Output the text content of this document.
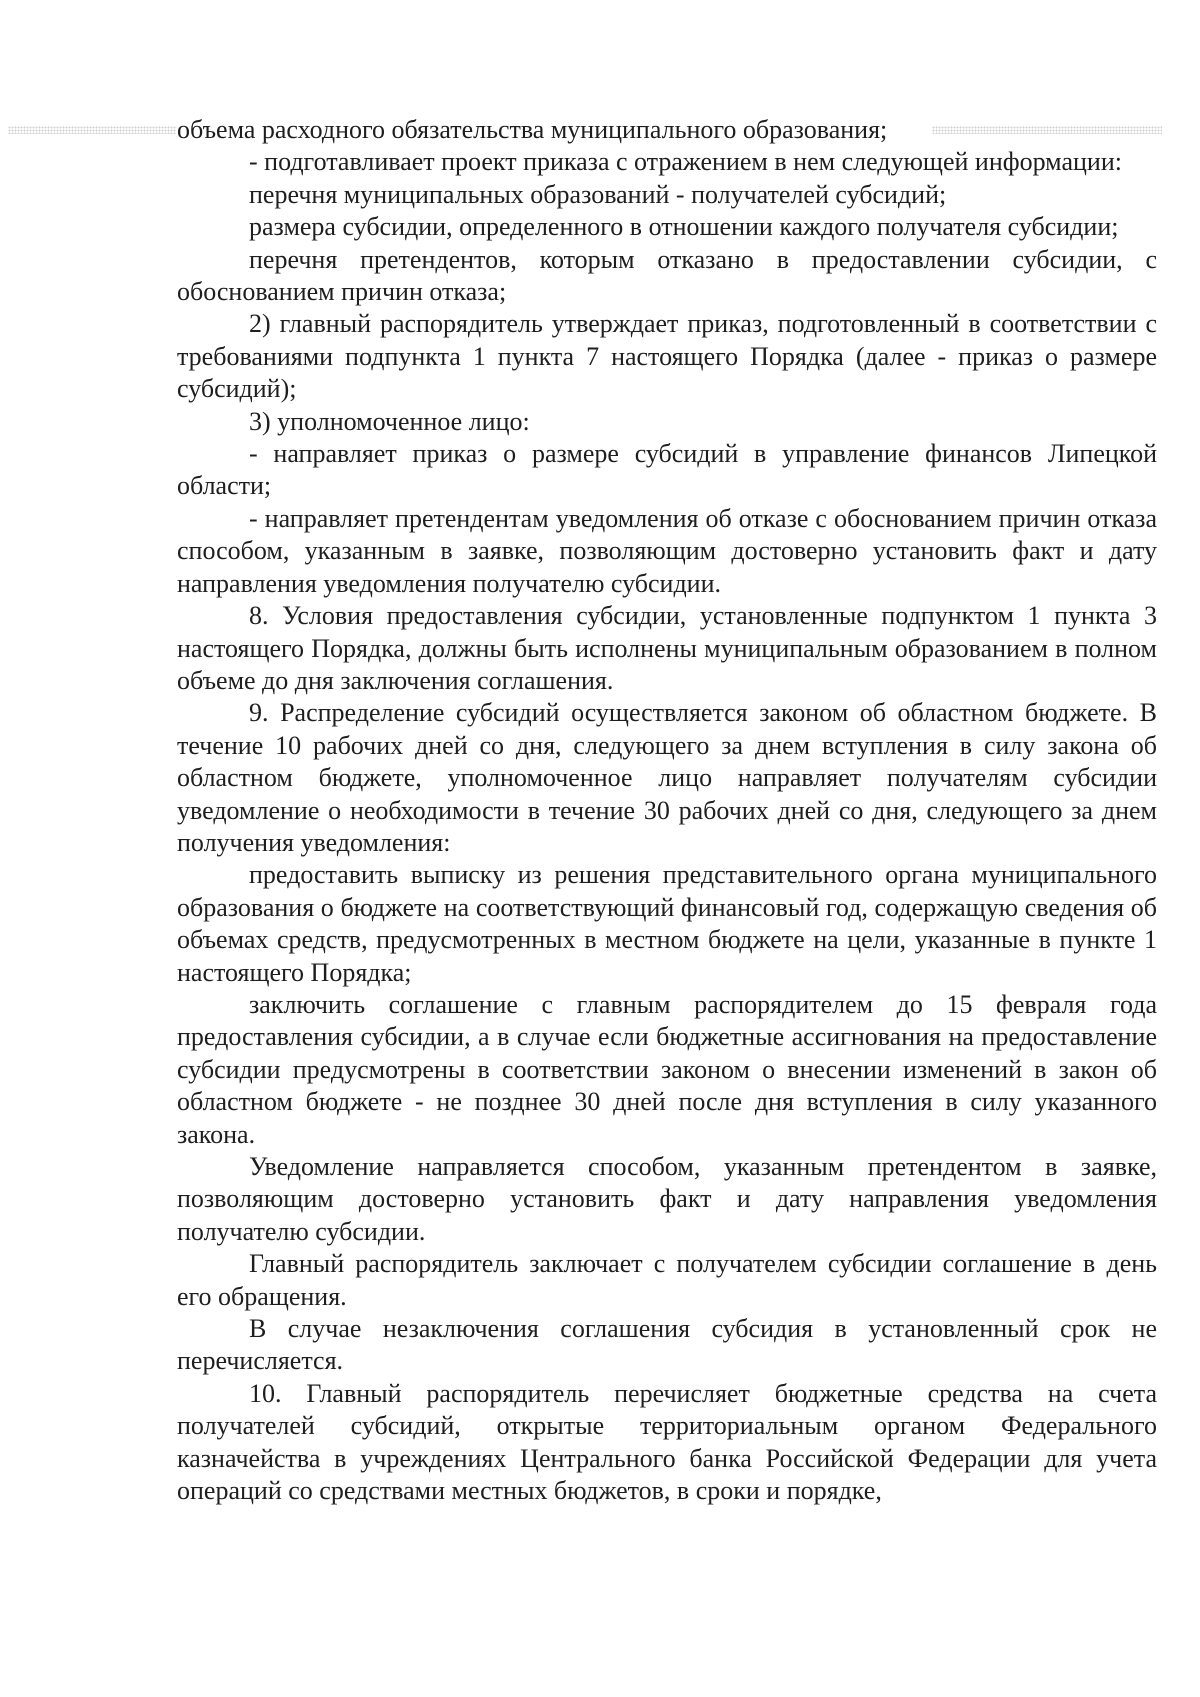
объема расходного обязательства муниципального образования;

- подготавливает проект приказа с отражением в нем следующей информации:

перечня муниципальных образований - получателей субсидий;

размера субсидии, определенного в отношении каждого получателя субсидии;

перечня претендентов, которым отказано в предоставлении субсидии, с обоснованием причин отказа;

2) главный распорядитель утверждает приказ, подготовленный в соответствии с требованиями подпункта 1 пункта 7 настоящего Порядка (далее - приказ о размере субсидий);

3) уполномоченное лицо:

- направляет приказ о размере субсидий в управление финансов Липецкой области;

- направляет претендентам уведомления об отказе с обоснованием причин отказа способом, указанным в заявке, позволяющим достоверно установить факт и дату направления уведомления получателю субсидии.

8. Условия предоставления субсидии, установленные подпунктом 1 пункта 3 настоящего Порядка, должны быть исполнены муниципальным образованием в полном объеме до дня заключения соглашения.

9. Распределение субсидий осуществляется законом об областном бюджете. В течение 10 рабочих дней со дня, следующего за днем вступления в силу закона об областном бюджете, уполномоченное лицо направляет получателям субсидии уведомление о необходимости в течение 30 рабочих дней со дня, следующего за днем получения уведомления:

предоставить выписку из решения представительного органа муниципального образования о бюджете на соответствующий финансовый год, содержащую сведения об объемах средств, предусмотренных в местном бюджете на цели, указанные в пункте 1 настоящего Порядка;

заключить соглашение с главным распорядителем до 15 февраля года предоставления субсидии, а в случае если бюджетные ассигнования на предоставление субсидии предусмотрены в соответствии законом о внесении изменений в закон об областном бюджете - не позднее 30 дней после дня вступления в силу указанного закона.

Уведомление направляется способом, указанным претендентом в заявке, позволяющим достоверно установить факт и дату направления уведомления получателю субсидии.

Главный распорядитель заключает с получателем субсидии соглашение в день его обращения.

В случае незаключения соглашения субсидия в установленный срок не перечисляется.

10. Главный распорядитель перечисляет бюджетные средства на счета получателей субсидий, открытые территориальным органом Федерального казначейства в учреждениях Центрального банка Российской Федерации для учета операций со средствами местных бюджетов, в сроки и порядке,
